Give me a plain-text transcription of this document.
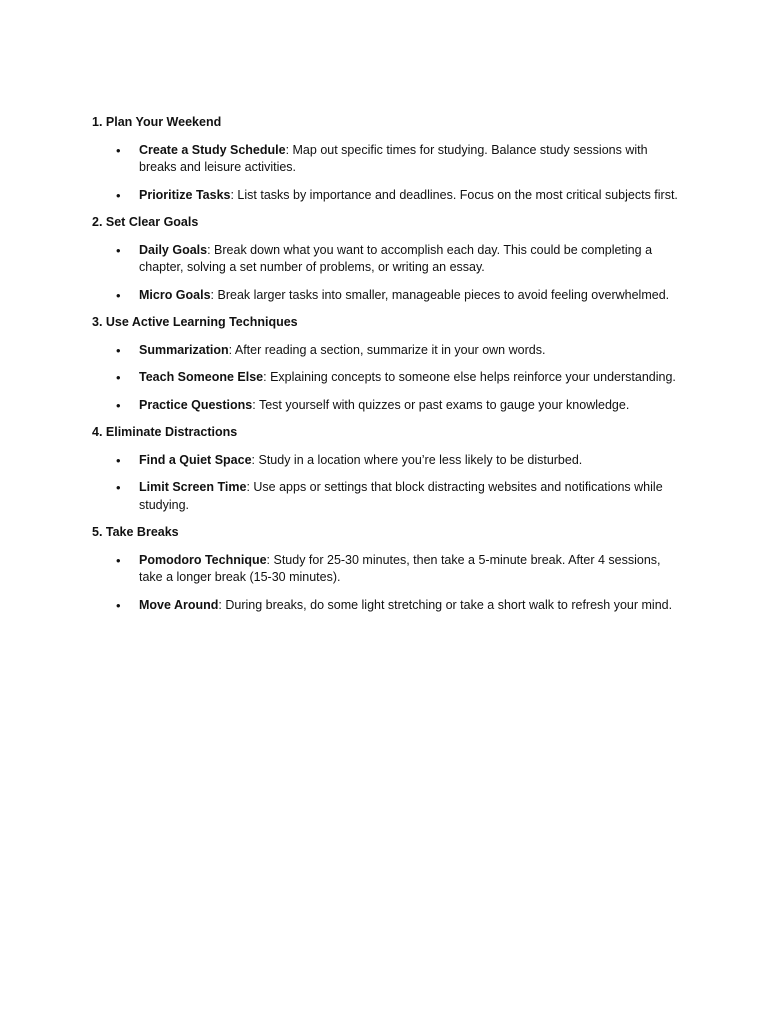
1. Plan Your Weekend
• Create a Study Schedule: Map out specific times for studying. Balance study sessions with breaks and leisure activities.
• Prioritize Tasks: List tasks by importance and deadlines. Focus on the most critical subjects first.
2. Set Clear Goals
• Daily Goals: Break down what you want to accomplish each day. This could be completing a chapter, solving a set number of problems, or writing an essay.
• Micro Goals: Break larger tasks into smaller, manageable pieces to avoid feeling overwhelmed.
3. Use Active Learning Techniques
• Summarization: After reading a section, summarize it in your own words.
• Teach Someone Else: Explaining concepts to someone else helps reinforce your understanding.
• Practice Questions: Test yourself with quizzes or past exams to gauge your knowledge.
4. Eliminate Distractions
• Find a Quiet Space: Study in a location where you’re less likely to be disturbed.
• Limit Screen Time: Use apps or settings that block distracting websites and notifications while studying.
5. Take Breaks
• Pomodoro Technique: Study for 25-30 minutes, then take a 5-minute break. After 4 sessions, take a longer break (15-30 minutes).
• Move Around: During breaks, do some light stretching or take a short walk to refresh your mind.
